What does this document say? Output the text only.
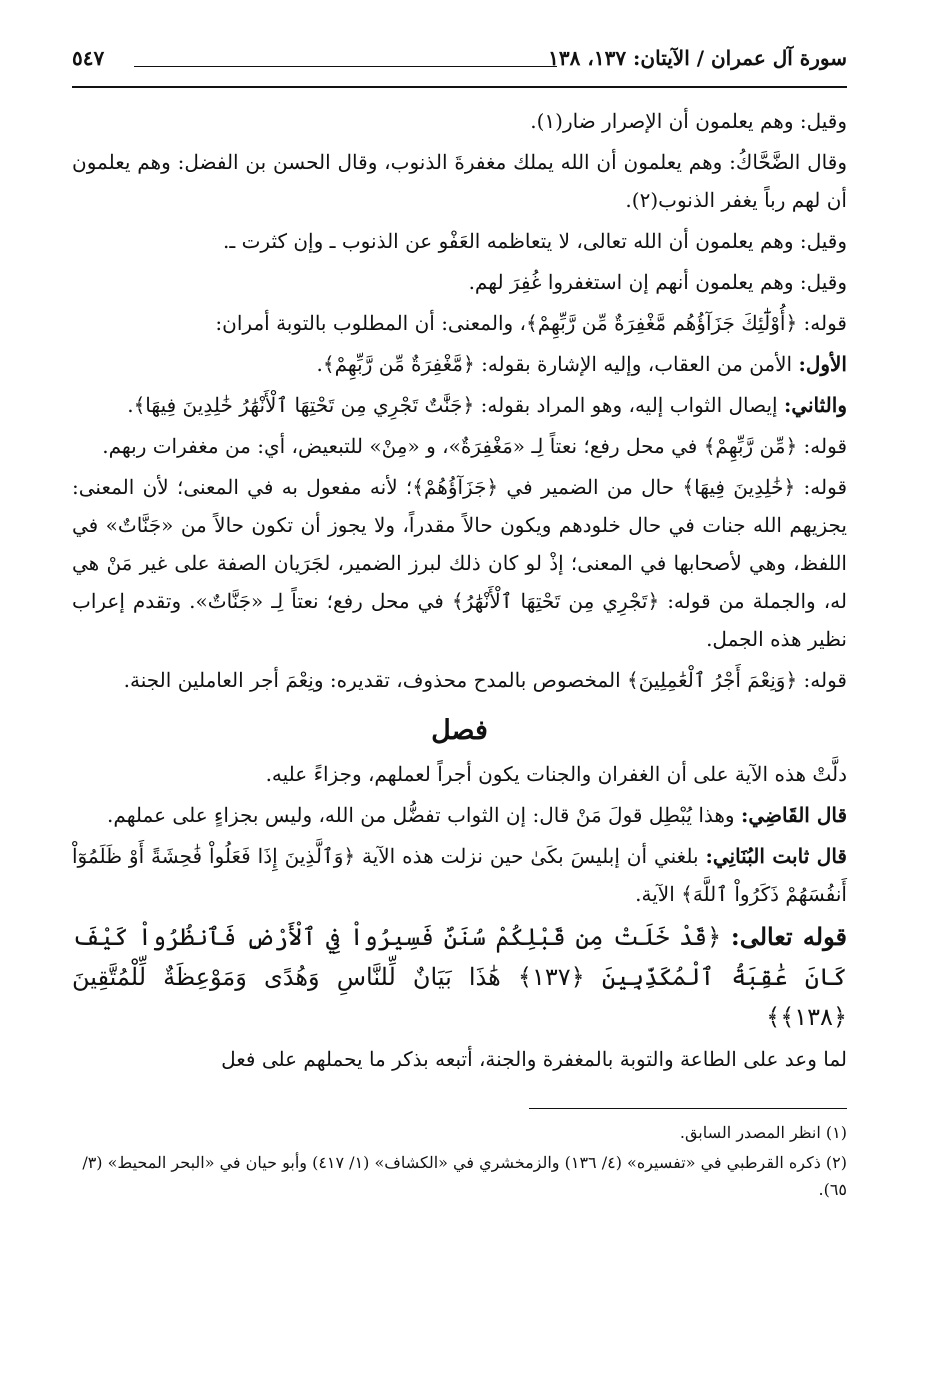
سورة آل عمران / الآيتان: ١٣٧، ١٣٨
٥٤٧

وقيل: وهم يعلمون أن الإصرار ضار(١).

وقال الضَّحَّاكُ: وهم يعلمون أن الله يملك مغفرةَ الذنوب، وقال الحسن بن الفضل: وهم يعلمون أن لهم رباً يغفر الذنوب(٢).

وقيل: وهم يعلمون أن الله تعالى، لا يتعاظمه العَفْو عن الذنوب ـ وإن كثرت ـ.

وقيل: وهم يعلمون أنهم إن استغفروا غُفِرَ لهم.

قوله: ﴿أُوْلَٰٓئِكَ جَزَآؤُهُم مَّغْفِرَةٌ مِّن رَّبِّهِمْ﴾، والمعنى: أن المطلوب بالتوبة أمران:

الأول: الأمن من العقاب، وإليه الإشارة بقوله: ﴿مَّغْفِرَةٌ مِّن رَّبِّهِمْ﴾.

والثاني: إيصال الثواب إليه، وهو المراد بقوله: ﴿جَنَّٰتٌ تَجْرِي مِن تَحْتِهَا ٱلْأَنْهَٰرُ خَٰلِدِينَ فِيهَا﴾.

قوله: ﴿مِّن رَّبِّهِمْ﴾ في محل رفع؛ نعتاً لِـ «مَغْفِرَةٌ»، و «مِنْ» للتبعيض، أي: من مغفرات ربهم.

قوله: ﴿خَٰلِدِينَ فِيهَا﴾ حال من الضمير في ﴿جَزَآؤُهُمْ﴾؛ لأنه مفعول به في المعنى؛ لأن المعنى: يجزيهم الله جنات في حال خلودهم ويكون حالاً مقدراً، ولا يجوز أن تكون حالاً من «جَنَّاتٌ» في اللفظ، وهي لأصحابها في المعنى؛ إذْ لو كان ذلك لبرز الضمير، لجَرَيان الصفة على غير مَنْ هي له، والجملة من قوله: ﴿تَجْرِي مِن تَحْتِهَا ٱلْأَنْهَٰرُ﴾ في محل رفع؛ نعتاً لِـ «جَنَّاتٌ». وتقدم إعراب نظير هذه الجمل.

قوله: ﴿وَنِعْمَ أَجْرُ ٱلْعَٰمِلِينَ﴾ المخصوص بالمدح محذوف، تقديره: ونِعْمَ أجر العاملين الجنة.

فصل

دلَّتْ هذه الآية على أن الغفران والجنات يكون أجراً لعملهم، وجزاءً عليه.

قال القَاضِي: وهذا يُبْطِل قولَ مَنْ قال: إن الثواب تفضُّل من الله، وليس بجزاءٍ على عملهم.

قال ثابت البُنَانِي: بلغني أن إبليسَ بكَىٰ حين نزلت هذه الآية ﴿وَٱلَّذِينَ إِذَا فَعَلُواْ فَٰحِشَةً أَوْ ظَلَمُوٓاْ أَنفُسَهُمْ ذَكَرُواْ ٱللَّهَ﴾ الآية.

قوله تعالى: ﴿قَدْ خَلَتْ مِن قَبْلِكُمْ سُنَنٌ فَسِيرُواْ فِي ٱلْأَرْضِ فَٱنظُرُواْ كَيْفَ كَانَ عَٰقِبَةُ ٱلْمُكَذِّبِينَ ﴿١٣٧﴾ هَٰذَا بَيَانٌ لِّلنَّاسِ وَهُدًى وَمَوْعِظَةٌ لِّلْمُتَّقِينَ ﴿١٣٨﴾﴾

لما وعد على الطاعة والتوبة بالمغفرة والجنة، أتبعه بذكر ما يحملهم على فعل

(١) انظر المصدر السابق.

(٢) ذكره القرطبي في «تفسيره» (٤/ ١٣٦) والزمخشري في «الكشاف» (١/ ٤١٧) وأبو حيان في «البحر المحيط» (٣/ ٦٥).
